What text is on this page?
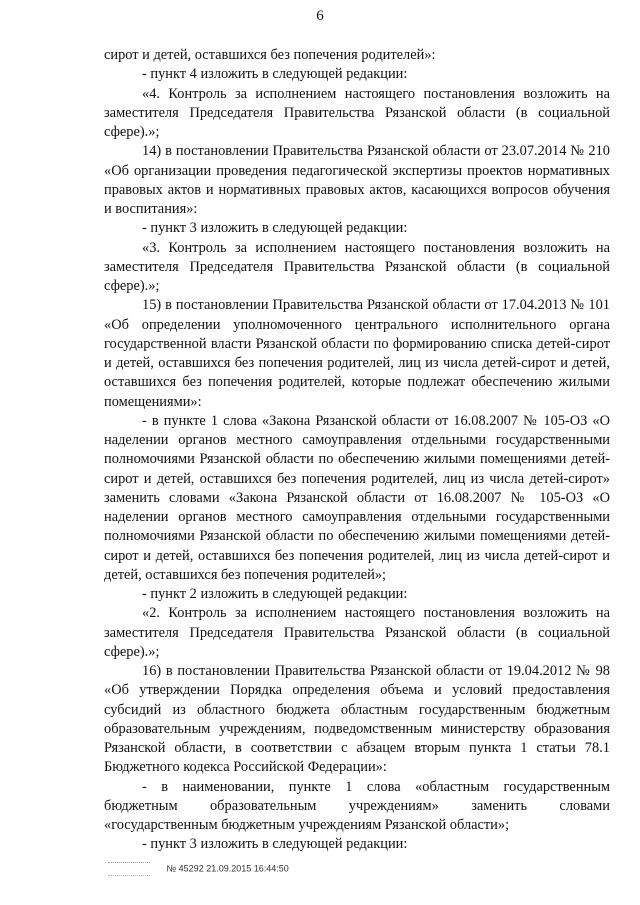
6

сирот и детей, оставшихся без попечения родителей»:

- пункт 4 изложить в следующей редакции:

«4. Контроль за исполнением настоящего постановления возложить на заместителя Председателя Правительства Рязанской области (в социальной сфере).»;

14) в постановлении Правительства Рязанской области от 23.07.2014 № 210 «Об организации проведения педагогической экспертизы проектов нормативных правовых актов и нормативных правовых актов, касающихся вопросов обучения и воспитания»:

- пункт 3 изложить в следующей редакции:

«3. Контроль за исполнением настоящего постановления возложить на заместителя Председателя Правительства Рязанской области (в социальной сфере).»;

15) в постановлении Правительства Рязанской области от 17.04.2013 № 101 «Об определении уполномоченного центрального исполнительного органа государственной власти Рязанской области по формированию списка детей-сирот и детей, оставшихся без попечения родителей, лиц из числа детей-сирот и детей, оставшихся без попечения родителей, которые подлежат обеспечению жилыми помещениями»:

- в пункте 1 слова «Закона Рязанской области от 16.08.2007 № 105-ОЗ «О наделении органов местного самоуправления отдельными государственными полномочиями Рязанской области по обеспечению жилыми помещениями детей-сирот и детей, оставшихся без попечения родителей, лиц из числа детей-сирот» заменить словами «Закона Рязанской области от 16.08.2007 № 105-ОЗ «О наделении органов местного самоуправления отдельными государственными полномочиями Рязанской области по обеспечению жилыми помещениями детей-сирот и детей, оставшихся без попечения родителей, лиц из числа детей-сирот и детей, оставшихся без попечения родителей»;

- пункт 2 изложить в следующей редакции:

«2. Контроль за исполнением настоящего постановления возложить на заместителя Председателя Правительства Рязанской области (в социальной сфере).»;

16) в постановлении Правительства Рязанской области от 19.04.2012 № 98 «Об утверждении Порядка определения объема и условий предоставления субсидий из областного бюджета областным государственным бюджетным образовательным учреждениям, подведомственным министерству образования Рязанской области, в соответствии с абзацем вторым пункта 1 статьи 78.1 Бюджетного кодекса Российской Федерации»:

- в наименовании, пункте 1 слова «областным государственным бюджетным образовательным учреждениям» заменить словами «государственным бюджетным учреждениям Рязанской области»;

- пункт 3 изложить в следующей редакции:

№ 45292 21.09.2015 16:44:50
